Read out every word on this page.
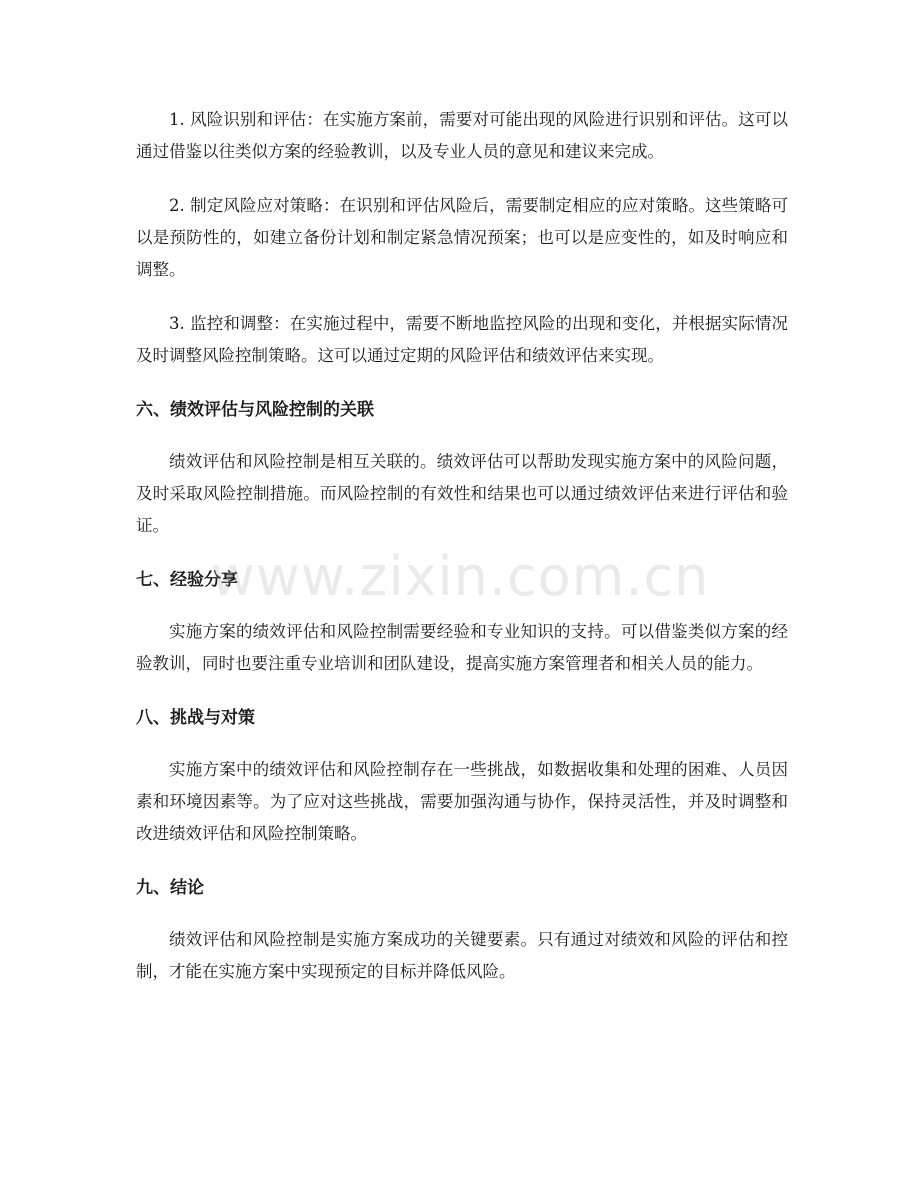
1. 风险识别和评估：在实施方案前，需要对可能出现的风险进行识别和评估。这可以通过借鉴以往类似方案的经验教训，以及专业人员的意见和建议来完成。

2. 制定风险应对策略：在识别和评估风险后，需要制定相应的应对策略。这些策略可以是预防性的，如建立备份计划和制定紧急情况预案；也可以是应变性的，如及时响应和调整。

3. 监控和调整：在实施过程中，需要不断地监控风险的出现和变化，并根据实际情况及时调整风险控制策略。这可以通过定期的风险评估和绩效评估来实现。

六、绩效评估与风险控制的关联

绩效评估和风险控制是相互关联的。绩效评估可以帮助发现实施方案中的风险问题，及时采取风险控制措施。而风险控制的有效性和结果也可以通过绩效评估来进行评估和验证。

七、经验分享

实施方案的绩效评估和风险控制需要经验和专业知识的支持。可以借鉴类似方案的经验教训，同时也要注重专业培训和团队建设，提高实施方案管理者和相关人员的能力。

八、挑战与对策

实施方案中的绩效评估和风险控制存在一些挑战，如数据收集和处理的困难、人员因素和环境因素等。为了应对这些挑战，需要加强沟通与协作，保持灵活性，并及时调整和改进绩效评估和风险控制策略。

九、结论

绩效评估和风险控制是实施方案成功的关键要素。只有通过对绩效和风险的评估和控制，才能在实施方案中实现预定的目标并降低风险。

www.zixin.com.cn
